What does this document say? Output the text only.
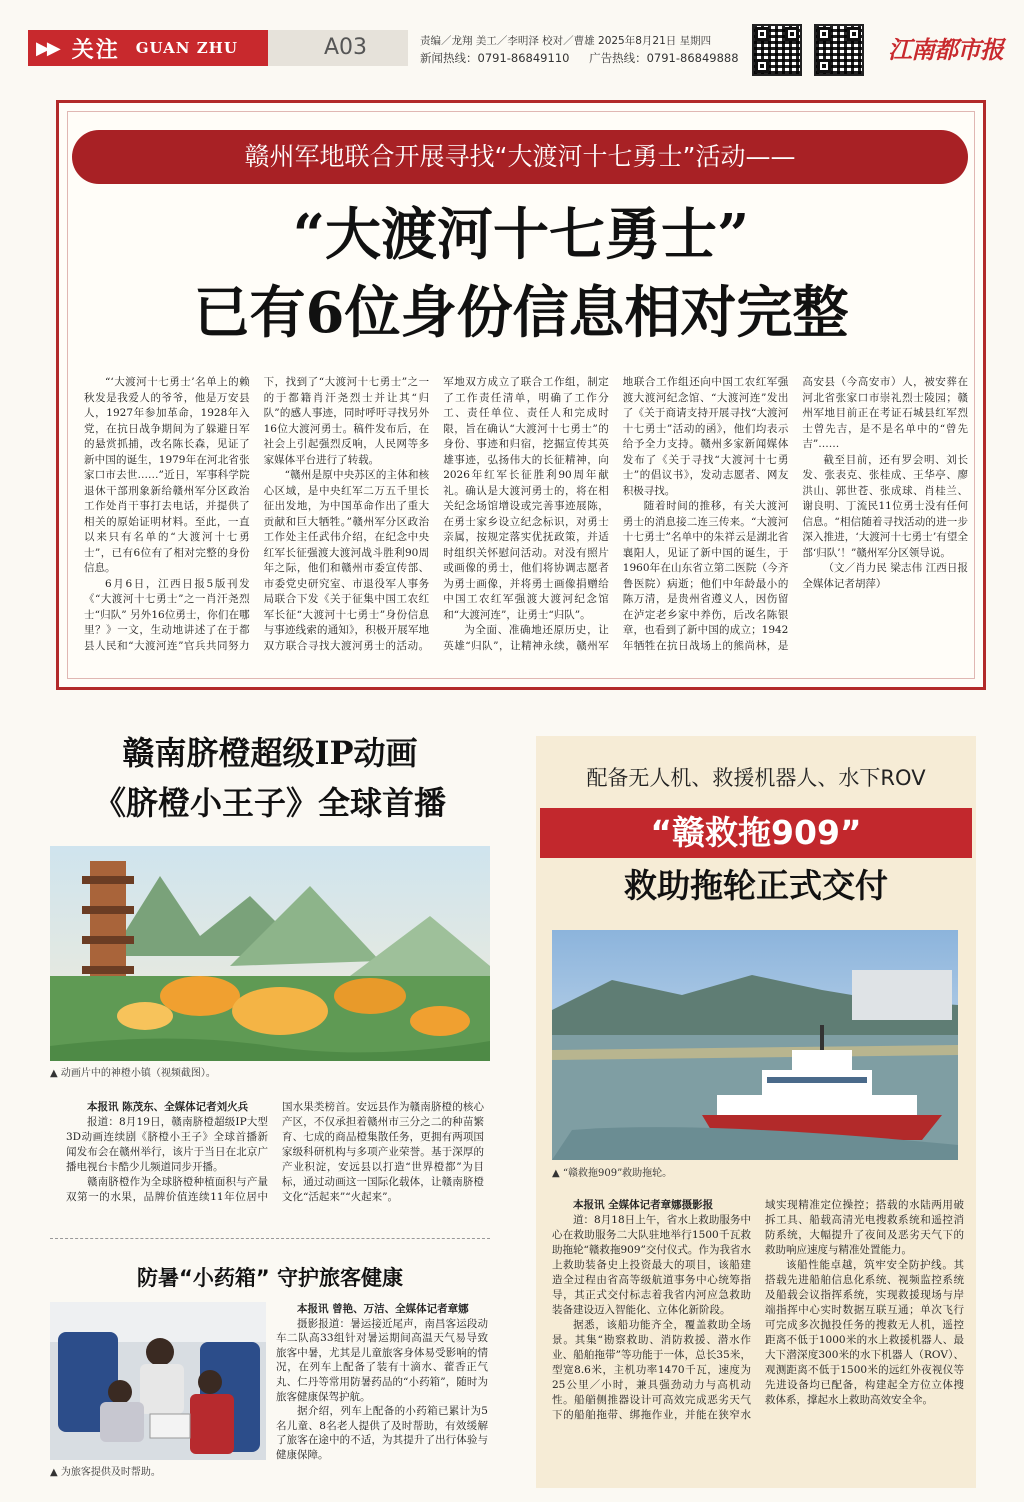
▶▶ 关注 GUAN ZHU	A03	责编／龙翔 美工／李明泽 校对／曹雄 2025年8月21日 星期四
新闻热线：0791-86849110 广告热线：0791-86849888	江南都市报
赣州军地联合开展寻找“大渡河十七勇士”活动——
“大渡河十七勇士”
已有6位身份信息相对完整

“‘大渡河十七勇士’名单上的赖秋发是我爱人的爷爷，他是万安县人，1927年参加革命，1928年入党，在抗日战争期间为了躲避日军的悬赏抓捕，改名陈长森，见证了新中国的诞生，1979年在河北省张家口市去世……”近日，军事科学院退休干部刑象新给赣州军分区政治工作处肖干事打去电话，并提供了相关的原始证明材料。至此，一直以来只有名单的“大渡河十七勇士”，已有6位有了相对完整的身份信息。

6月6日，江西日报5版刊发《“大渡河十七勇士”之一肖汗尧烈士“归队” 另外16位勇士，你们在哪里？》一文，生动地讲述了在于都县人民和“大渡河连”官兵共同努力下，找到了“大渡河十七勇士”之一的于都籍肖汗尧烈士并让其“归队”的感人事迹，同时呼吁寻找另外16位大渡河勇士。稿件发布后，在社会上引起强烈反响，人民网等多家媒体平台进行了转载。

“赣州是原中央苏区的主体和核心区域，是中央红军二万五千里长征出发地，为中国革命作出了重大贡献和巨大牺牲。”赣州军分区政治工作处主任武伟介绍，在纪念中央红军长征强渡大渡河战斗胜利90周年之际，他们和赣州市委宣传部、市委党史研究室、市退役军人事务局联合下发《关于征集中国工农红军长征“大渡河十七勇士”身份信息与事迹线索的通知》，积极开展军地双方联合寻找大渡河勇士的活动。军地双方成立了联合工作组，制定了工作责任清单，明确了工作分工、责任单位、责任人和完成时限，旨在确认“大渡河十七勇士”的身份、事迹和归宿，挖掘宣传其英雄事迹，弘扬伟大的长征精神，向2026年红军长征胜利90周年献礼。确认是大渡河勇士的，将在相关纪念场馆增设或完善事迹展陈，在勇士家乡设立纪念标识，对勇士亲属，按规定落实优抚政策，并适时组织关怀慰问活动。对没有照片或画像的勇士，他们将协调志愿者为勇士画像，并将勇士画像捐赠给中国工农红军强渡大渡河纪念馆和“大渡河连”，让勇士“归队”。

为全面、准确地还原历史，让英雄“归队”，让精神永续，赣州军地联合工作组还向中国工农红军强渡大渡河纪念馆、“大渡河连”发出了《关于商请支持开展寻找“大渡河十七勇士”活动的函》，他们均表示给予全力支持。赣州多家新闻媒体发布了《关于寻找“大渡河十七勇士”的倡议书》，发动志愿者、网友积极寻找。

随着时间的推移，有关大渡河勇士的消息接二连三传来。“大渡河十七勇士”名单中的朱祥云是湖北省襄阳人，见证了新中国的诞生，于1960年在山东省立第二医院（今齐鲁医院）病逝；他们中年龄最小的陈万清，是贵州省遵义人，因伤留在泸定老乡家中养伤，后改名陈银章，也看到了新中国的成立；1942年牺牲在抗日战场上的熊尚林，是高安县（今高安市）人，被安葬在河北省张家口市崇礼烈士陵园；赣州军地目前正在考证石城县红军烈士曾先吉，是不是名单中的“曾先吉”……

截至目前，还有罗会明、刘长发、张表克、张桂成、王华亭、廖洪山、郭世苍、张成球、肖桂兰、谢良明、丁流民11位勇士没有任何信息。“相信随着寻找活动的进一步深入推进，‘大渡河十七勇士’有望全部‘归队’！”赣州军分区领导说。

（文／肖力民 梁志伟 江西日报全媒体记者胡萍）

赣南脐橙超级IP动画
《脐橙小王子》全球首播
▲ 动画片中的神橙小镇（视频截图）。

本报讯 陈茂东、全媒体记者刘火兵

报道：8月19日，赣南脐橙超级IP大型3D动画连续剧《脐橙小王子》全球首播新闻发布会在赣州举行，该片于当日在北京广播电视台卡酷少儿频道同步开播。

赣南脐橙作为全球脐橙种植面积与产量双第一的水果，品牌价值连续11年位居中国水果类榜首。安远县作为赣南脐橙的核心产区，不仅承担着赣州市三分之二的种苗繁育、七成的商品橙集散任务，更拥有两项国家级科研机构与多项产业荣誉。基于深厚的产业积淀，安远县以打造“世界橙都”为目标，通过动画这一国际化载体，让赣南脐橙文化“活起来”“火起来”。

防暑“小药箱” 守护旅客健康
▲ 为旅客提供及时帮助。

本报讯 曾艳、万洁、全媒体记者章娜

摄影报道：暑运接近尾声，南昌客运段动车二队高33组针对暑运期间高温天气易导致旅客中暑，尤其是儿童旅客身体易受影响的情况，在列车上配备了装有十滴水、藿香正气丸、仁丹等常用防暑药品的“小药箱”，随时为旅客健康保驾护航。

据介绍，列车上配备的小药箱已累计为5名儿童、8名老人提供了及时帮助，有效缓解了旅客在途中的不适，为其提升了出行体验与健康保障。

配备无人机、救援机器人、水下ROV
“赣救拖909”
救助拖轮正式交付
▲ “赣救拖909”救助拖轮。

本报讯 全媒体记者章娜摄影报

道：8月18日上午，省水上救助服务中心在救助服务二大队驻地举行1500千瓦救助拖轮“赣救拖909”交付仪式。作为我省水上救助装备史上投资最大的项目，该船建造全过程由省高等级航道事务中心统筹指导，其正式交付标志着我省内河应急救助装备建设迈入智能化、立体化新阶段。

据悉，该船功能齐全，覆盖救助全场景。其集“勘察救助、消防救援、潜水作业、船舶拖带”等功能于一体，总长35米，型宽8.6米，主机功率1470千瓦，速度为25公里／小时，兼具强劲动力与高机动性。船艏侧推器设计可高效完成恶劣天气下的船舶拖带、绑拖作业，并能在狭窄水域实现精准定位操控；搭载的水陆两用破拆工具、船载高清光电搜救系统和遥控消防系统，大幅提升了夜间及恶劣天气下的救助响应速度与精准处置能力。

该船性能卓越，筑牢安全防护线。其搭载先进船舶信息化系统、视频监控系统及船载会议指挥系统，实现救援现场与岸端指挥中心实时数据互联互通；单次飞行可完成多次抛投任务的搜救无人机，遥控距离不低于1000米的水上救援机器人、最大下潜深度300米的水下机器人（ROV）、观测距离不低于1500米的远红外夜视仪等先进设备均已配备，构建起全方位立体搜救体系，撑起水上救助高效安全伞。
